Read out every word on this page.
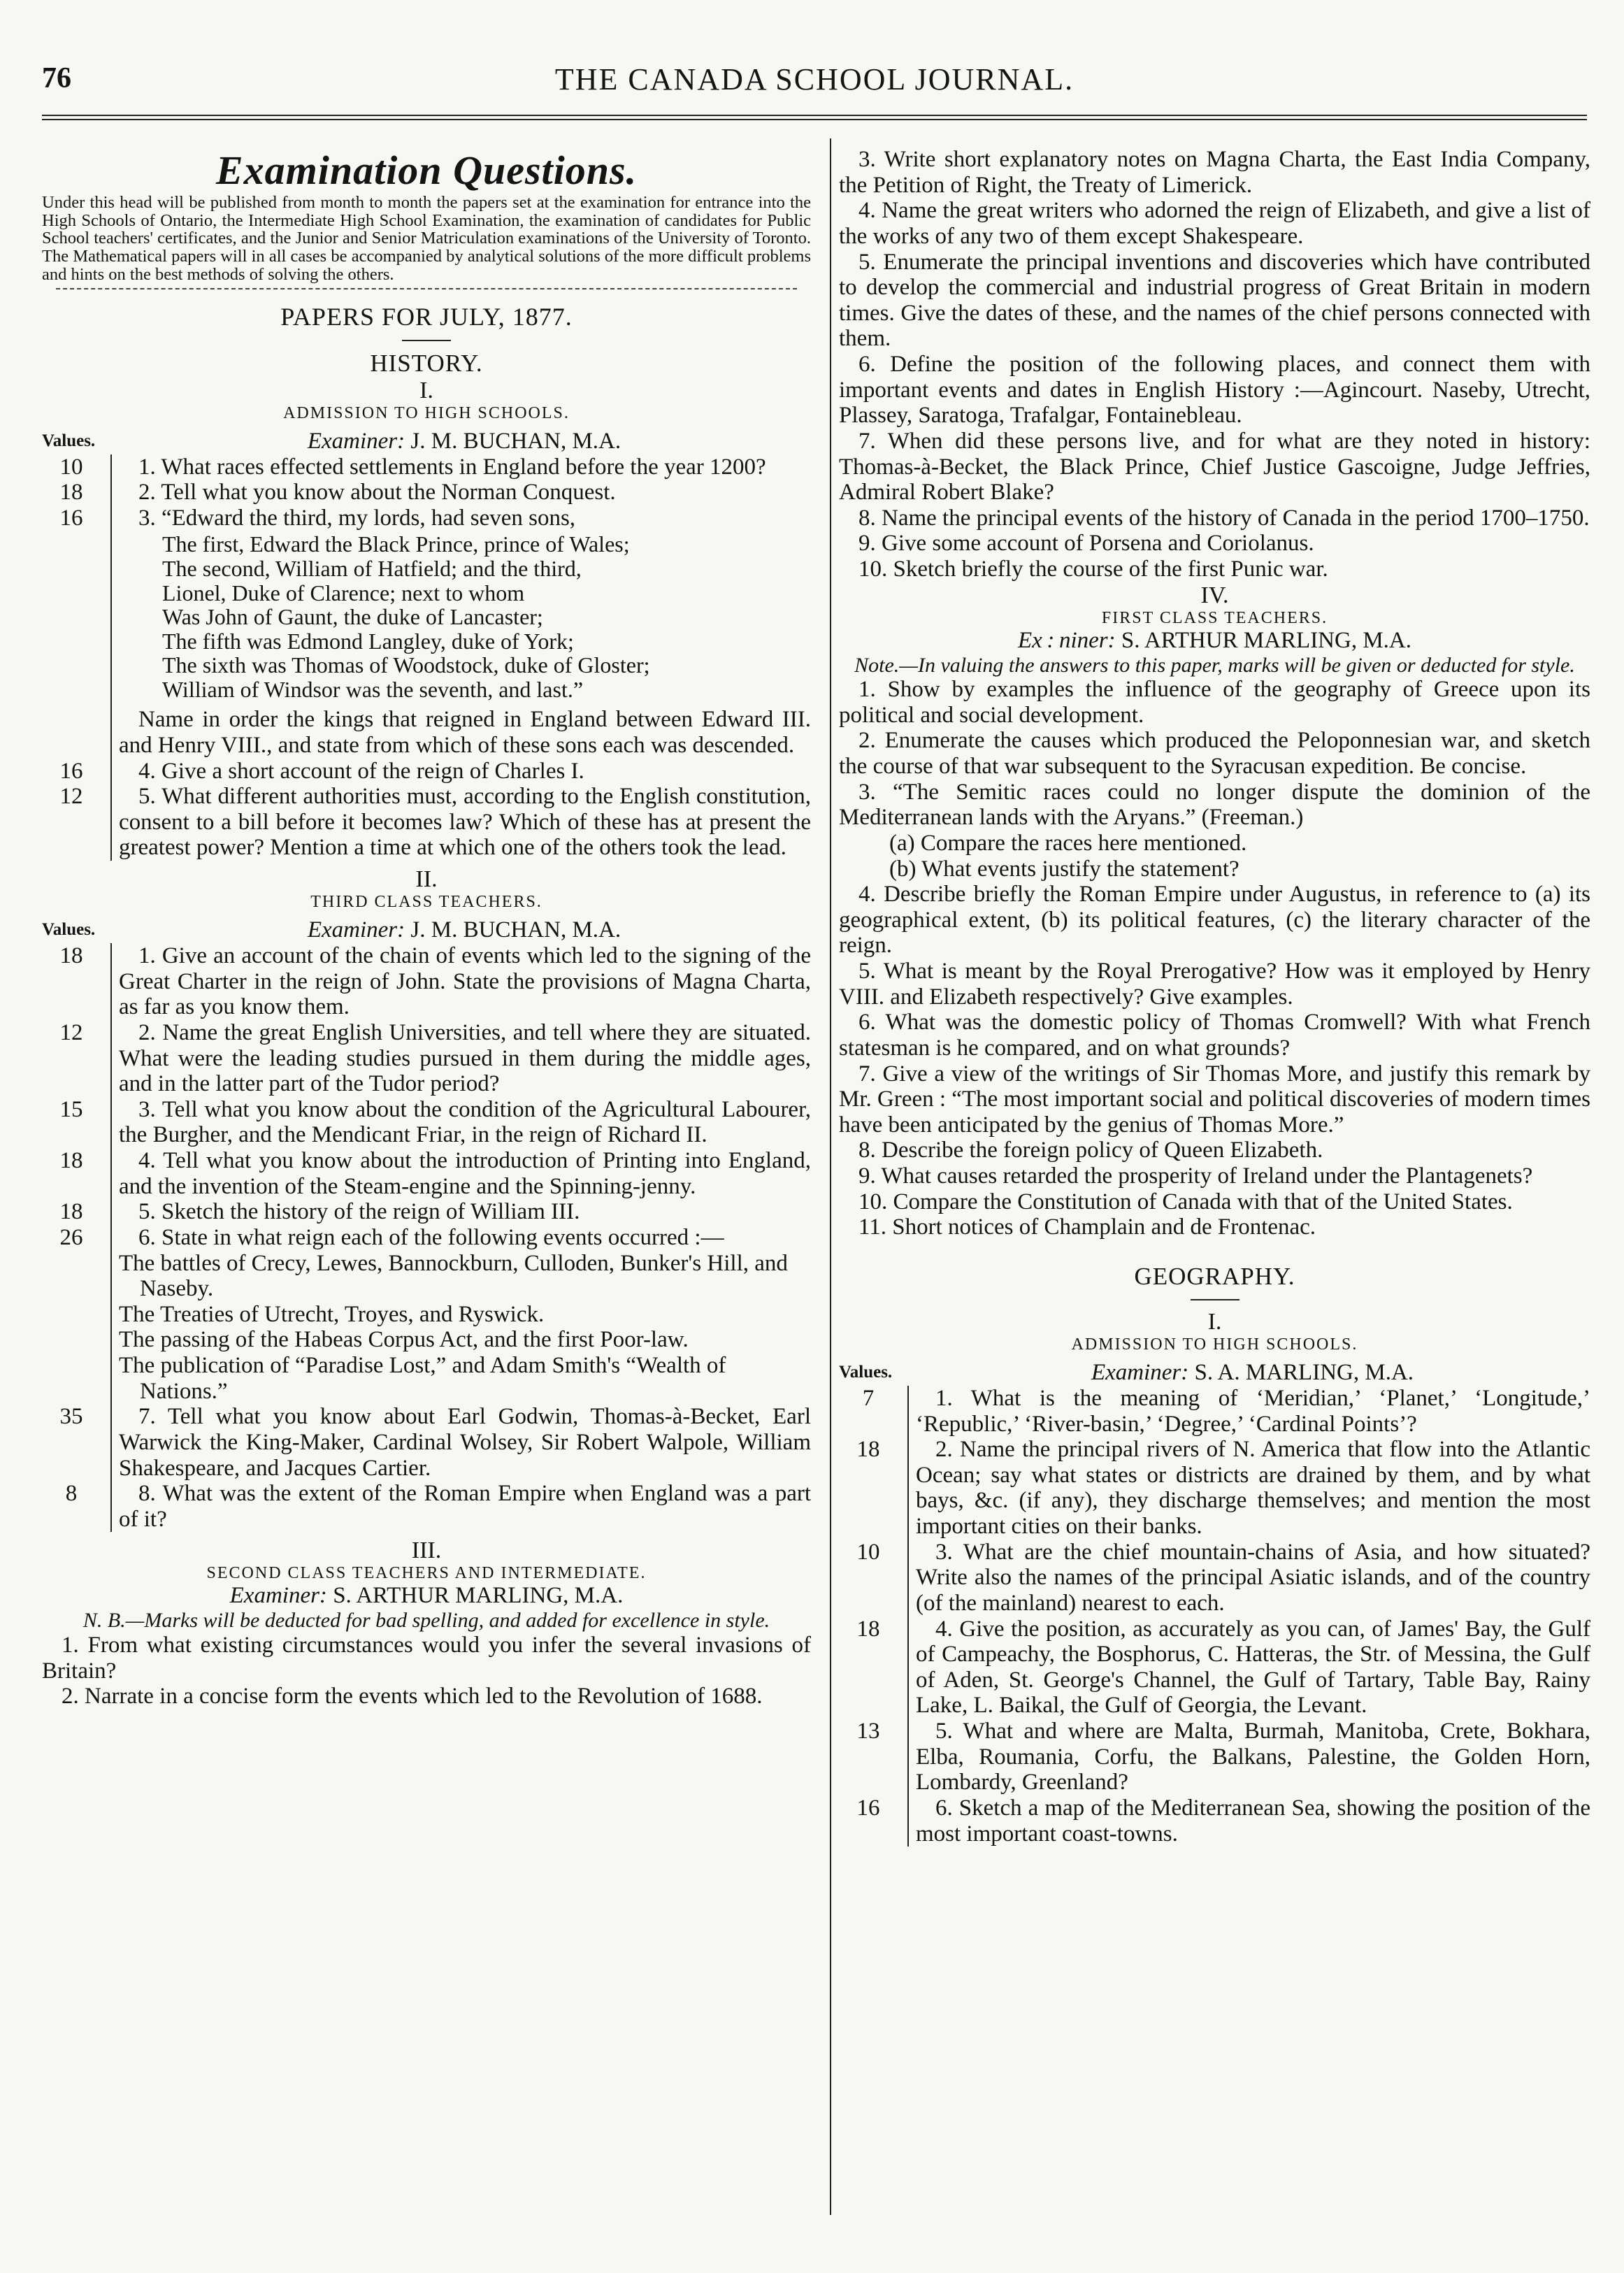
76	THE CANADA SCHOOL JOURNAL.

Examination Questions.

Under this head will be published from month to month the papers set at the examination for entrance into the High Schools of Ontario, the Intermediate High School Examination, the examination of candidates for Public School teachers' certificates, and the Junior and Senior Matriculation examinations of the University of Toronto. The Mathematical papers will in all cases be accompanied by analytical solutions of the more difficult problems and hints on the best methods of solving the others.

PAPERS FOR JULY, 1877.

HISTORY.

I.

ADMISSION TO HIGH SCHOOLS.

Values.	Examiner: J. M. BUCHAN, M.A.

10	1. What races effected settlements in England before the year 1200?

18	2. Tell what you know about the Norman Conquest.

16	3. “Edward the third, my lords, had seven sons,

The first, Edward the Black Prince, prince of Wales;
The second, William of Hatfield; and the third,
Lionel, Duke of Clarence; next to whom
Was John of Gaunt, the duke of Lancaster;
The fifth was Edmond Langley, duke of York;
The sixth was Thomas of Woodstock, duke of Gloster;
William of Windsor was the seventh, and last.”

Name in order the kings that reigned in England between Edward III. and Henry VIII., and state from which of these sons each was descended.

16	4. Give a short account of the reign of Charles I.

12	5. What different authorities must, according to the English constitution, consent to a bill before it becomes law? Which of these has at present the greatest power? Mention a time at which one of the others took the lead.

II.

THIRD CLASS TEACHERS.

Values.	Examiner: J. M. BUCHAN, M.A.

18	1. Give an account of the chain of events which led to the signing of the Great Charter in the reign of John. State the provisions of Magna Charta, as far as you know them.

12	2. Name the great English Universities, and tell where they are situated. What were the leading studies pursued in them during the middle ages, and in the latter part of the Tudor period?

15	3. Tell what you know about the condition of the Agricultural Labourer, the Burgher, and the Mendicant Friar, in the reign of Richard II.

18	4. Tell what you know about the introduction of Printing into England, and the invention of the Steam-engine and the Spinning-jenny.

18	5. Sketch the history of the reign of William III.

26	6. State in what reign each of the following events occurred :—

The battles of Crecy, Lewes, Bannockburn, Culloden, Bunker's Hill, and Naseby.

The Treaties of Utrecht, Troyes, and Ryswick.

The passing of the Habeas Corpus Act, and the first Poor-law.

The publication of “Paradise Lost,” and Adam Smith's “Wealth of Nations.”

35	7. Tell what you know about Earl Godwin, Thomas-à-Becket, Earl Warwick the King-Maker, Cardinal Wolsey, Sir Robert Walpole, William Shakespeare, and Jacques Cartier.

8	8. What was the extent of the Roman Empire when England was a part of it?

III.

SECOND CLASS TEACHERS AND INTERMEDIATE.

Examiner: S. ARTHUR MARLING, M.A.

N. B.—Marks will be deducted for bad spelling, and added for excellence in style.

1. From what existing circumstances would you infer the several invasions of Britain?

2. Narrate in a concise form the events which led to the Revolution of 1688.

3. Write short explanatory notes on Magna Charta, the East India Company, the Petition of Right, the Treaty of Limerick.

4. Name the great writers who adorned the reign of Elizabeth, and give a list of the works of any two of them except Shakespeare.

5. Enumerate the principal inventions and discoveries which have contributed to develop the commercial and industrial progress of Great Britain in modern times. Give the dates of these, and the names of the chief persons connected with them.

6. Define the position of the following places, and connect them with important events and dates in English History :—Agincourt. Naseby, Utrecht, Plassey, Saratoga, Trafalgar, Fontainebleau.

7. When did these persons live, and for what are they noted in history: Thomas-à-Becket, the Black Prince, Chief Justice Gascoigne, Judge Jeffries, Admiral Robert Blake?

8. Name the principal events of the history of Canada in the period 1700–1750.

9. Give some account of Porsena and Coriolanus.

10. Sketch briefly the course of the first Punic war.

IV.

FIRST CLASS TEACHERS.

Ex : niner: S. ARTHUR MARLING, M.A.

Note.—In valuing the answers to this paper, marks will be given or deducted for style.

1. Show by examples the influence of the geography of Greece upon its political and social development.

2. Enumerate the causes which produced the Peloponnesian war, and sketch the course of that war subsequent to the Syracusan expedition. Be concise.

3. “The Semitic races could no longer dispute the dominion of the Mediterranean lands with the Aryans.” (Freeman.)

(a) Compare the races here mentioned.

(b) What events justify the statement?

4. Describe briefly the Roman Empire under Augustus, in reference to (a) its geographical extent, (b) its political features, (c) the literary character of the reign.

5. What is meant by the Royal Prerogative? How was it employed by Henry VIII. and Elizabeth respectively? Give examples.

6. What was the domestic policy of Thomas Cromwell? With what French statesman is he compared, and on what grounds?

7. Give a view of the writings of Sir Thomas More, and justify this remark by Mr. Green : “The most important social and political discoveries of modern times have been anticipated by the genius of Thomas More.”

8. Describe the foreign policy of Queen Elizabeth.

9. What causes retarded the prosperity of Ireland under the Plantagenets?

10. Compare the Constitution of Canada with that of the United States.

11. Short notices of Champlain and de Frontenac.

GEOGRAPHY.

I.

ADMISSION TO HIGH SCHOOLS.

Values.	Examiner: S. A. MARLING, M.A.

7	1. What is the meaning of ‘Meridian,’ ‘Planet,’ ‘Longitude,’ ‘Republic,’ ‘River-basin,’ ‘Degree,’ ‘Cardinal Points’?

18	2. Name the principal rivers of N. America that flow into the Atlantic Ocean; say what states or districts are drained by them, and by what bays, &c. (if any), they discharge themselves; and mention the most important cities on their banks.

10	3. What are the chief mountain-chains of Asia, and how situated? Write also the names of the principal Asiatic islands, and of the country (of the mainland) nearest to each.

18	4. Give the position, as accurately as you can, of James' Bay, the Gulf of Campeachy, the Bosphorus, C. Hatteras, the Str. of Messina, the Gulf of Aden, St. George's Channel, the Gulf of Tartary, Table Bay, Rainy Lake, L. Baikal, the Gulf of Georgia, the Levant.

13	5. What and where are Malta, Burmah, Manitoba, Crete, Bokhara, Elba, Roumania, Corfu, the Balkans, Palestine, the Golden Horn, Lombardy, Greenland?

16	6. Sketch a map of the Mediterranean Sea, showing the position of the most important coast-towns.
